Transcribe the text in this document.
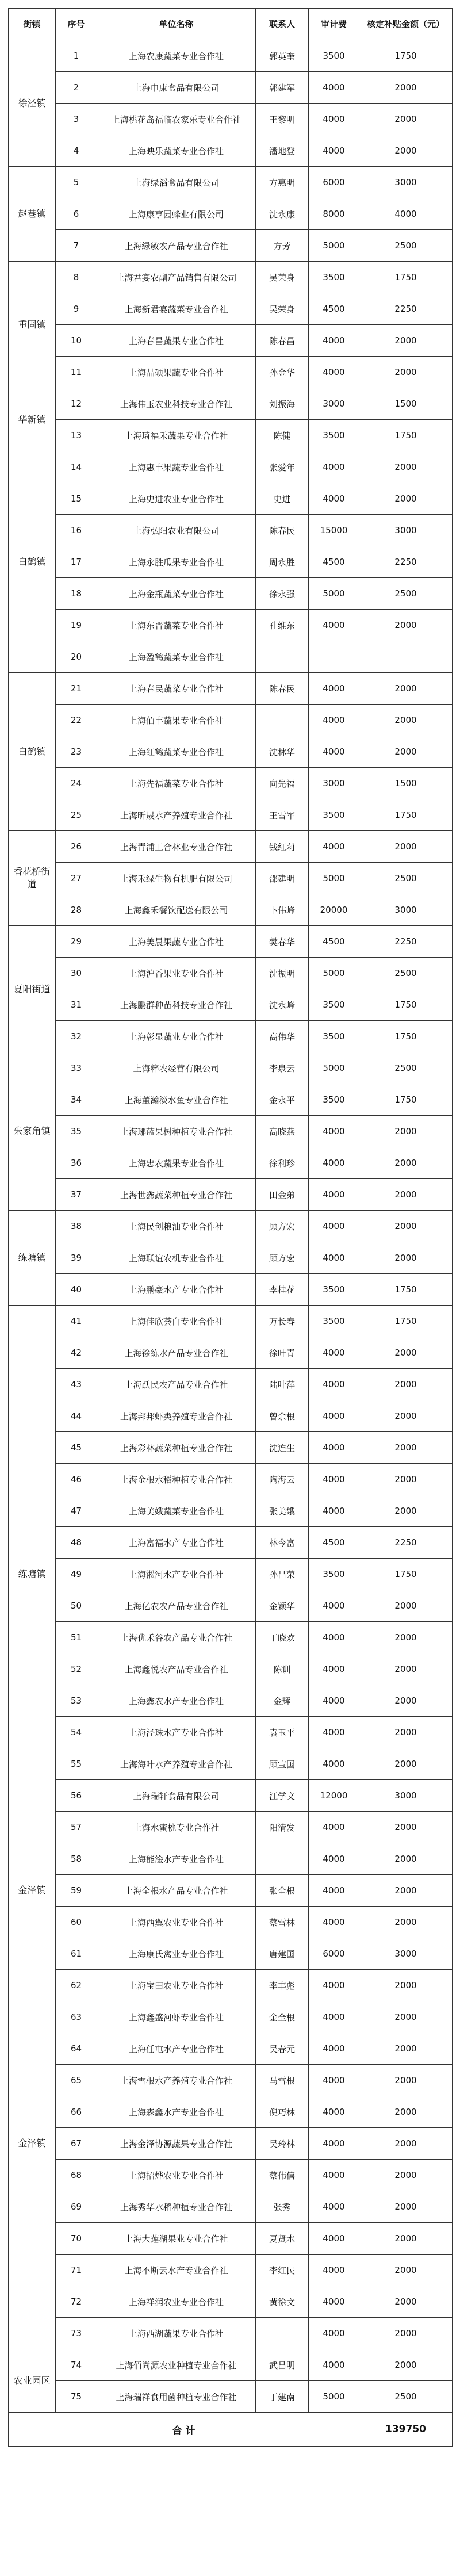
街镇	序号	单位名称	联系人	审计费	核定补贴金额（元）
徐泾镇	1	上海农康蔬菜专业合作社	郭英奎	3500	1750
	2	上海申康食品有限公司	郭建军	4000	2000
	3	上海桃花岛福临农家乐专业合作社	王黎明	4000	2000
	4	上海映乐蔬菜专业合作社	潘地登	4000	2000
赵巷镇	5	上海绿滔食品有限公司	方惠明	6000	3000
	6	上海康亨园蜂业有限公司	沈永康	8000	4000
	7	上海绿敏农产品专业合作社	方芳	5000	2500
重固镇	8	上海君宴农副产品销售有限公司	吴荣身	3500	1750
	9	上海新君宴蔬菜专业合作社	吴荣身	4500	2250
	10	上海春昌蔬果专业合作社	陈春昌	4000	2000
	11	上海晶硕果蔬专业合作社	孙金华	4000	2000
华新镇	12	上海伟玉农业科技专业合作社	刘振海	3000	1500
	13	上海琦福禾蔬果专业合作社	陈健	3500	1750
白鹤镇	14	上海惠丰果蔬专业合作社	张爱年	4000	2000
	15	上海史进农业专业合作社	史进	4000	2000
	16	上海弘阳农业有限公司	陈春民	15000	3000
	17	上海永胜瓜果专业合作社	周永胜	4500	2250
	18	上海金瓶蔬菜专业合作社	徐永强	5000	2500
	19	上海东晋蔬菜专业合作社	孔维东	4000	2000
	20	上海盈鹤蔬菜专业合作社			
白鹤镇	21	上海春民蔬菜专业合作社	陈春民	4000	2000
	22	上海佰丰蔬果专业合作社		4000	2000
	23	上海红鹤蔬菜专业合作社	沈林华	4000	2000
	24	上海先福蔬菜专业合作社	向先福	3000	1500
	25	上海昕晟水产养殖专业合作社	王雪军	3500	1750
香花桥街道	26	上海青浦工合林业专业合作社	钱红莉	4000	2000
	27	上海禾绿生物有机肥有限公司	邵建明	5000	2500
	28	上海鑫禾餐饮配送有限公司	卜伟峰	20000	3000
夏阳街道	29	上海美晨果蔬专业合作社	樊春华	4500	2250
	30	上海沪香果业专业合作社	沈振明	5000	2500
	31	上海鹏群种苗科技专业合作社	沈永峰	3500	1750
	32	上海彰显蔬业专业合作社	高伟华	3500	1750
朱家角镇	33	上海粹农经营有限公司	李泉云	5000	2500
	34	上海董瀚淡水鱼专业合作社	金永平	3500	1750
	35	上海琊蓝果树种植专业合作社	高晓燕	4000	2000
	36	上海忠农蔬果专业合作社	徐利珍	4000	2000
	37	上海世鑫蔬菜种植专业合作社	田金弟	4000	2000
练塘镇	38	上海民创粮油专业合作社	顾方宏	4000	2000
	39	上海联谊农机专业合作社	顾方宏	4000	2000
	40	上海鹏豪水产专业合作社	李桂花	3500	1750
练塘镇	41	上海佳欣荟白专业合作社	万长春	3500	1750
	42	上海徐练水产品专业合作社	徐叶青	4000	2000
	43	上海跃民农产品专业合作社	陆叶萍	4000	2000
	44	上海邦邦虾类养殖专业合作社	曾余根	4000	2000
	45	上海彩林蔬菜种植专业合作社	沈连生	4000	2000
	46	上海金根水稻种植专业合作社	陶海云	4000	2000
	47	上海美娥蔬菜专业合作社	张美娥	4000	2000
	48	上海富福水产专业合作社	林今富	4500	2250
	49	上海淞河水产专业合作社	孙昌荣	3500	1750
	50	上海亿农农产品专业合作社	金颖华	4000	2000
	51	上海优禾谷农产品专业合作社	丁晓欢	4000	2000
	52	上海鑫悦农产品专业合作社	陈训	4000	2000
	53	上海鑫农水产专业合作社	金辉	4000	2000
	54	上海泾珠水产专业合作社	袁玉平	4000	2000
	55	上海海叶水产养殖专业合作社	顾宝国	4000	2000
	56	上海瑞轩食品有限公司	江学文	12000	3000
	57	上海水蜜桃专业合作社	阳清发	4000	2000
金泽镇	58	上海能淦水产专业合作社		4000	2000
	59	上海全根水产品专业合作社	张全根	4000	2000
	60	上海西翼农业专业合作社	蔡雪林	4000	2000
金泽镇	61	上海康氏禽业专业合作社	唐建国	6000	3000
	62	上海宝田农业专业合作社	李丰彪	4000	2000
	63	上海鑫盛河虾专业合作社	金全根	4000	2000
	64	上海任屯水产专业合作社	吴春元	4000	2000
	65	上海雪根水产养殖专业合作社	马雪根	4000	2000
	66	上海森鑫水产专业合作社	倪巧林	4000	2000
	67	上海金泽协源蔬果专业合作社	吴玲林	4000	2000
	68	上海招烨农业专业合作社	蔡伟僖	4000	2000
	69	上海秀华水稻种植专业合作社	张秀	4000	2000
	70	上海大莲湖果业专业合作社	夏贤水	4000	2000
	71	上海不断云水产专业合作社	李红民	4000	2000
	72	上海祥润农业专业合作社	黄徐文	4000	2000
	73	上海西湖蔬果专业合作社		4000	2000
农业园区	74	上海佰尚源农业种植专业合作社	武昌明	4000	2000
	75	上海瑞祥食用菌种植专业合作社	丁建南	5000	2500
合 计					139750
